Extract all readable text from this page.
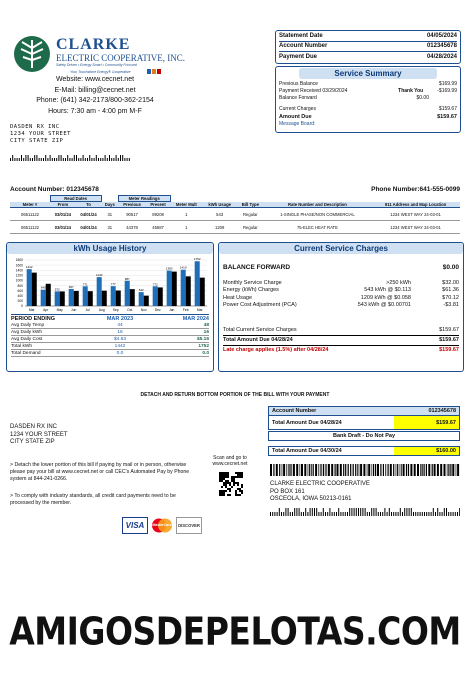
CLARKE
ELECTRIC COOPERATIVE, INC.
Safety Driven • Energy Smart • Community Focused
Your Touchstone Energy® Cooperative
Website: www.cecnet.net
E-Mail: billing@cecnet.net
Phone: (641) 342-2173/800-362-2154
Hours: 7:30 am - 4:00 pm M-F
DASDEN RX INC
1234 YOUR STREET
CITY STATE ZIP
Statement Date	04/05/2024
Account Number	012345678
Payment Due	04/28/2024
Service Summary
Previous Balance	$169.99
Payment Received 03/29/2024	Thank You	-$169.99
Balance Forward	$0.00
Current Charges	$159.67
Amount Due	$159.67
Message Board:
Account Number: 012345678	Phone Number:641-555-0099
	Read Dates			Meter Readings						
Meter #	From	To	Days	Previous	Present	Meter Mult	kWh Usage	Bill Type	Rate Number and Description	911 Address and Map Location
06511122	03/01/24	04/01/24	31	90517	89208	1	543	Regular	1-SINGLE PHASE/NON COMMERCIAL	1234 WEST WAY 24-03-01
06511122	03/01/24	04/01/24	31	44378	45587	1	1209	Regular	75-ELEC HEAT RATE	1234 WEST WAY 24-03-01
kWh Usage History
0
200
400
600
800
1000
1200
1400
1600
1800
1442
Mar
640
Apr
572
May
667
Jun
771
Jul
1130
Aug
777
Sep
987
Oct
542
Nov
772
Dec
1383
Jan
1419
Feb
1752
Mar
PERIOD ENDING	MAR 2023	MAR 2024
Avg Daily Temp	44	48
Avg Daily kWh	16	16
Avg Daily Cost	$4.53	$5.15
Total kWh	1442	1752
Total Demand	0.0	0.0
Current Service Charges
BALANCE FORWARD	$0.00
Monthly Service Charge	>250 kWh	$32.00
Energy (kWh) Charges	543 kWh @ $0.113	$61.36
Heat Usage	1209 kWh @ $0.058	$70.12
Power Cost Adjustment (PCA)	543 kWh @ $0.00701	-$3.81
Total Current Service Charges	$159.67
Total Amount Due 04/28/24	$159.67
Late charge applies (1.5%) after 04/28/24	$159.67
DETACH AND RETURN BOTTOM PORTION OF THE BILL WITH YOUR PAYMENT
DASDEN RX INC
1234 YOUR STREET
CITY STATE ZIP
Account Number	012345678
Total Amount Due 04/28/24	$159.67
Bank Draft - Do Not Pay
Total Amount Due 04/30/24	$160.00
Scan and go to
www.cecnet.net
CLARKE ELECTRIC COOPERATIVE
PO BOX 161
OSCEOLA, IOWA 50213-0161
> Detach the lower portion of this bill if paying by mail or in person, otherwise please pay your bill at www.cecnet.net or call CEC's Automated Pay by Phone system at 844-241-0266.
> To comply with industry standards, all credit card payments need to be processed by the member.
VISA	MasterCard	DISCOVER
AMIGOSDEPELOTAS.COM
